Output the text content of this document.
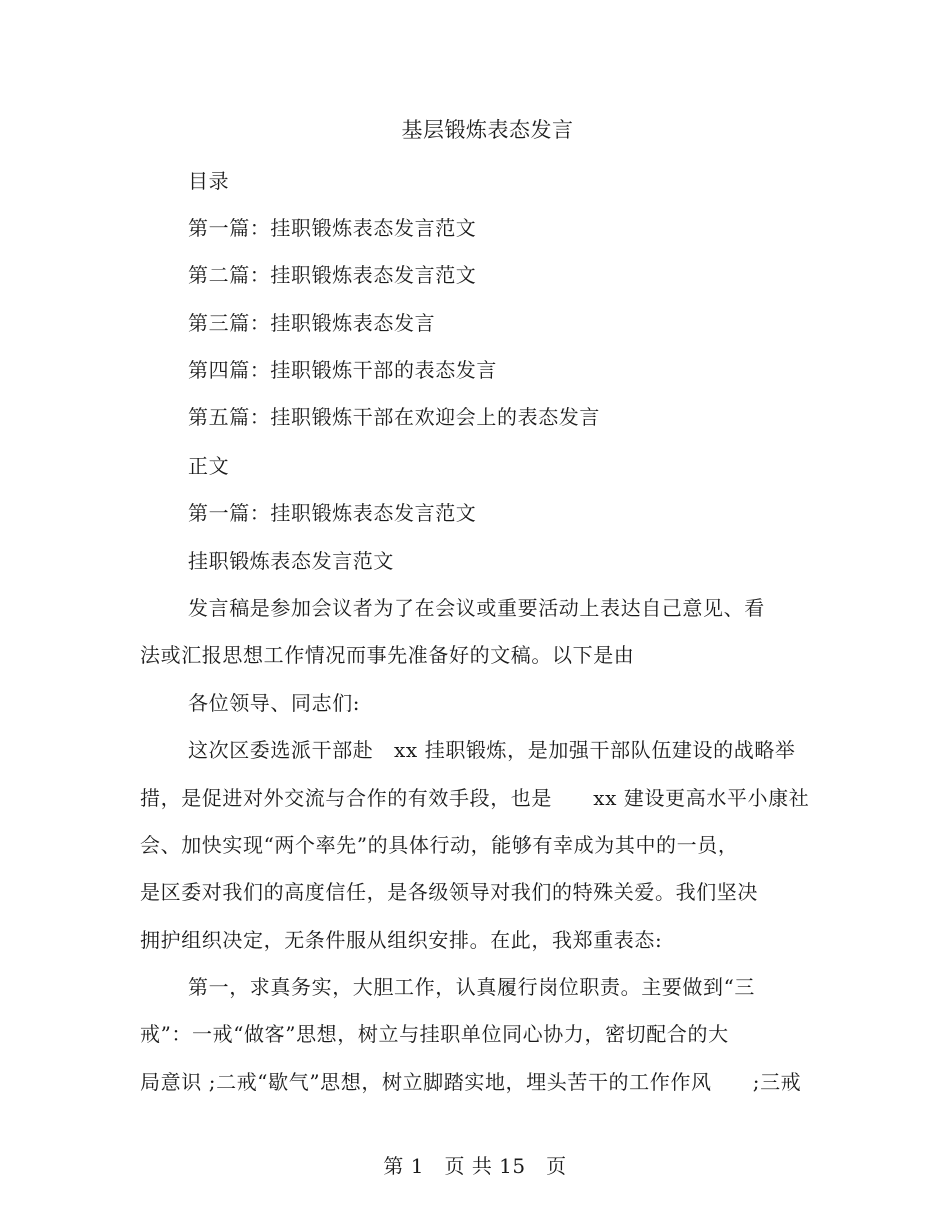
基层锻炼表态发言
目录
第一篇：挂职锻炼表态发言范文
第二篇：挂职锻炼表态发言范文
第三篇：挂职锻炼表态发言
第四篇：挂职锻炼干部的表态发言
第五篇：挂职锻炼干部在欢迎会上的表态发言
正文
第一篇：挂职锻炼表态发言范文
挂职锻炼表态发言范文
发言稿是参加会议者为了在会议或重要活动上表达自己意见、看
法或汇报思想工作情况而事先准备好的文稿。以下是由
各位领导、同志们:
这次区委选派干部赴　xx 挂职锻炼，是加强干部队伍建设的战略举
措，是促进对外交流与合作的有效手段，也是　　xx 建设更高水平小康社
会、加快实现“两个率先”的具体行动，能够有幸成为其中的一员，
是区委对我们的高度信任，是各级领导对我们的特殊关爱。我们坚决
拥护组织决定，无条件服从组织安排。在此，我郑重表态:
第一，求真务实，大胆工作，认真履行岗位职责。主要做到“三
戒”：一戒“做客”思想，树立与挂职单位同心协力，密切配合的大
局意识 ;二戒“歇气”思想，树立脚踏实地，埋头苦干的工作作风　　;三戒
第 1　页 共 15　页
